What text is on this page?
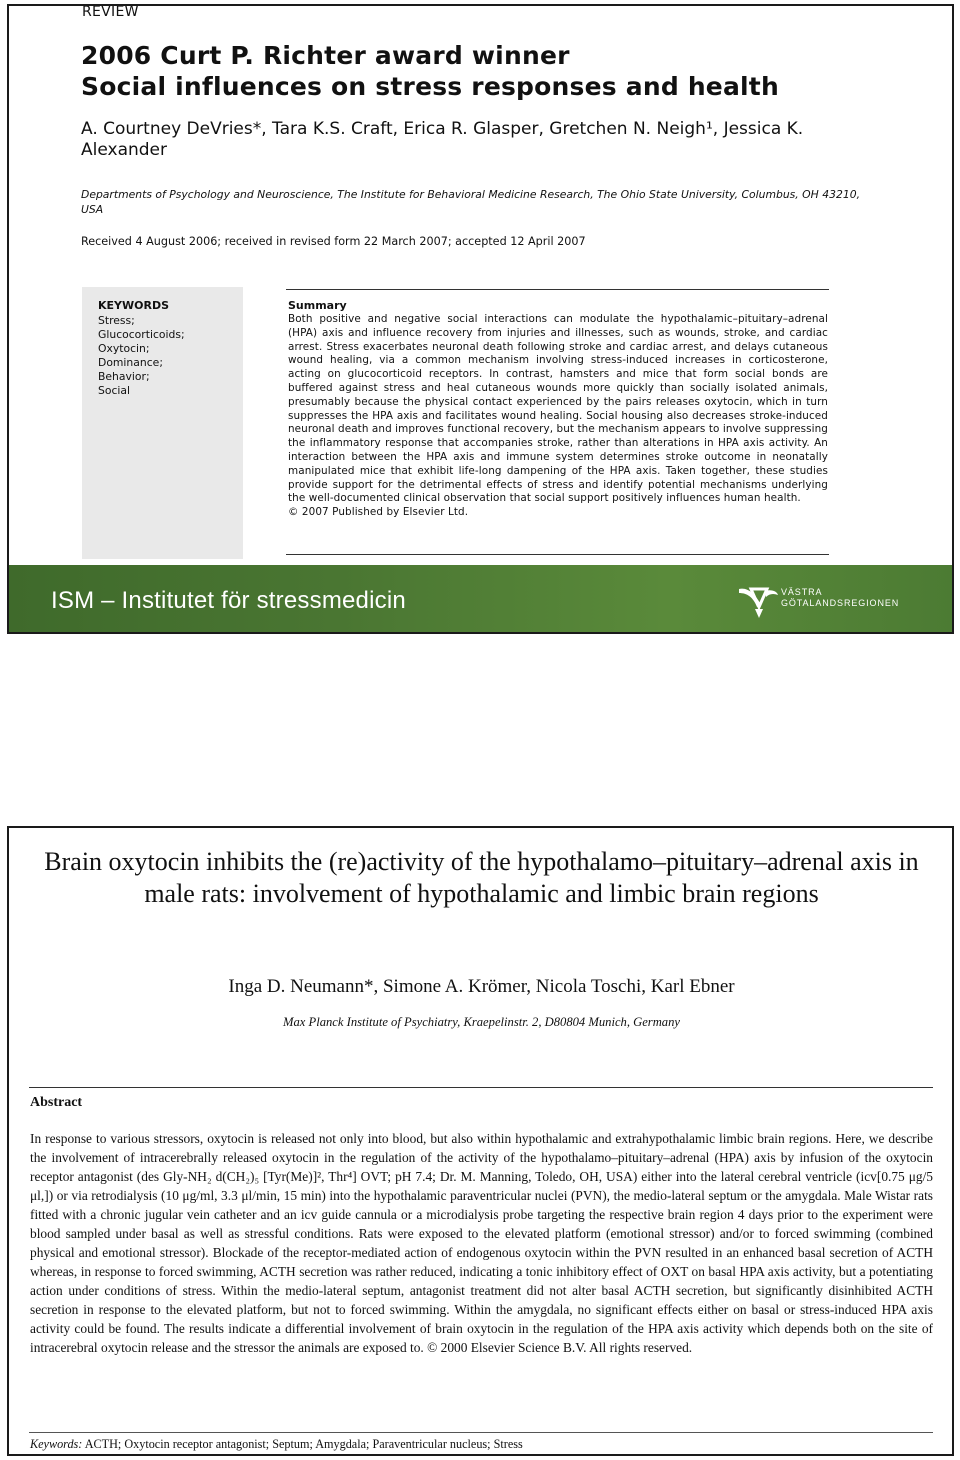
REVIEW
2006 Curt P. Richter award winner
Social influences on stress responses and health
A. Courtney DeVries*, Tara K.S. Craft, Erica R. Glasper, Gretchen N. Neigh¹, Jessica K. Alexander
Departments of Psychology and Neuroscience, The Institute for Behavioral Medicine Research, The Ohio State University, Columbus, OH 43210, USA
Received 4 August 2006; received in revised form 22 March 2007; accepted 12 April 2007
KEYWORDS
Stress;
Glucocorticoids;
Oxytocin;
Dominance;
Behavior;
Social
Summary
Both positive and negative social interactions can modulate the hypothalamic–pituitary–adrenal (HPA) axis and influence recovery from injuries and illnesses, such as wounds, stroke, and cardiac arrest. Stress exacerbates neuronal death following stroke and cardiac arrest, and delays cutaneous wound healing, via a common mechanism involving stress-induced increases in corticosterone, acting on glucocorticoid receptors. In contrast, hamsters and mice that form social bonds are buffered against stress and heal cutaneous wounds more quickly than socially isolated animals, presumably because the physical contact experienced by the pairs releases oxytocin, which in turn suppresses the HPA axis and facilitates wound healing. Social housing also decreases stroke-induced neuronal death and improves functional recovery, but the mechanism appears to involve suppressing the inflammatory response that accompanies stroke, rather than alterations in HPA axis activity. An interaction between the HPA axis and immune system determines stroke outcome in neonatally manipulated mice that exhibit life-long dampening of the HPA axis. Taken together, these studies provide support for the detrimental effects of stress and identify potential mechanisms underlying the well-documented clinical observation that social support positively influences human health.
© 2007 Published by Elsevier Ltd.
ISM – Institutet för stressmedicin	VÄSTRA
GÖTALANDSREGIONEN
Brain oxytocin inhibits the (re)activity of the hypothalamo–pituitary–adrenal axis in male rats: involvement of hypothalamic and limbic brain regions
Inga D. Neumann*, Simone A. Krömer, Nicola Toschi, Karl Ebner
Max Planck Institute of Psychiatry, Kraepelinstr. 2, D80804 Munich, Germany
Abstract
In response to various stressors, oxytocin is released not only into blood, but also within hypothalamic and extrahypothalamic limbic brain regions. Here, we describe the involvement of intracerebrally released oxytocin in the regulation of the activity of the hypothalamo–pituitary–adrenal (HPA) axis by infusion of the oxytocin receptor antagonist (des Gly-NH₂ d(CH₂)₅ [Tyr(Me)]², Thr⁴] OVT; pH 7.4; Dr. M. Manning, Toledo, OH, USA) either into the lateral cerebral ventricle (icv[0.75 μg/5 μl,]) or via retrodialysis (10 μg/ml, 3.3 μl/min, 15 min) into the hypothalamic paraventricular nuclei (PVN), the medio-lateral septum or the amygdala. Male Wistar rats fitted with a chronic jugular vein catheter and an icv guide cannula or a microdialysis probe targeting the respective brain region 4 days prior to the experiment were blood sampled under basal as well as stressful conditions. Rats were exposed to the elevated platform (emotional stressor) and/or to forced swimming (combined physical and emotional stressor). Blockade of the receptor-mediated action of endogenous oxytocin within the PVN resulted in an enhanced basal secretion of ACTH whereas, in response to forced swimming, ACTH secretion was rather reduced, indicating a tonic inhibitory effect of OXT on basal HPA axis activity, but a potentiating action under conditions of stress. Within the medio-lateral septum, antagonist treatment did not alter basal ACTH secretion, but significantly disinhibited ACTH secretion in response to the elevated platform, but not to forced swimming. Within the amygdala, no significant effects either on basal or stress-induced HPA axis activity could be found. The results indicate a differential involvement of brain oxytocin in the regulation of the HPA axis activity which depends both on the site of intracerebral oxytocin release and the stressor the animals are exposed to. © 2000 Elsevier Science B.V. All rights reserved.
Keywords: ACTH; Oxytocin receptor antagonist; Septum; Amygdala; Paraventricular nucleus; Stress
